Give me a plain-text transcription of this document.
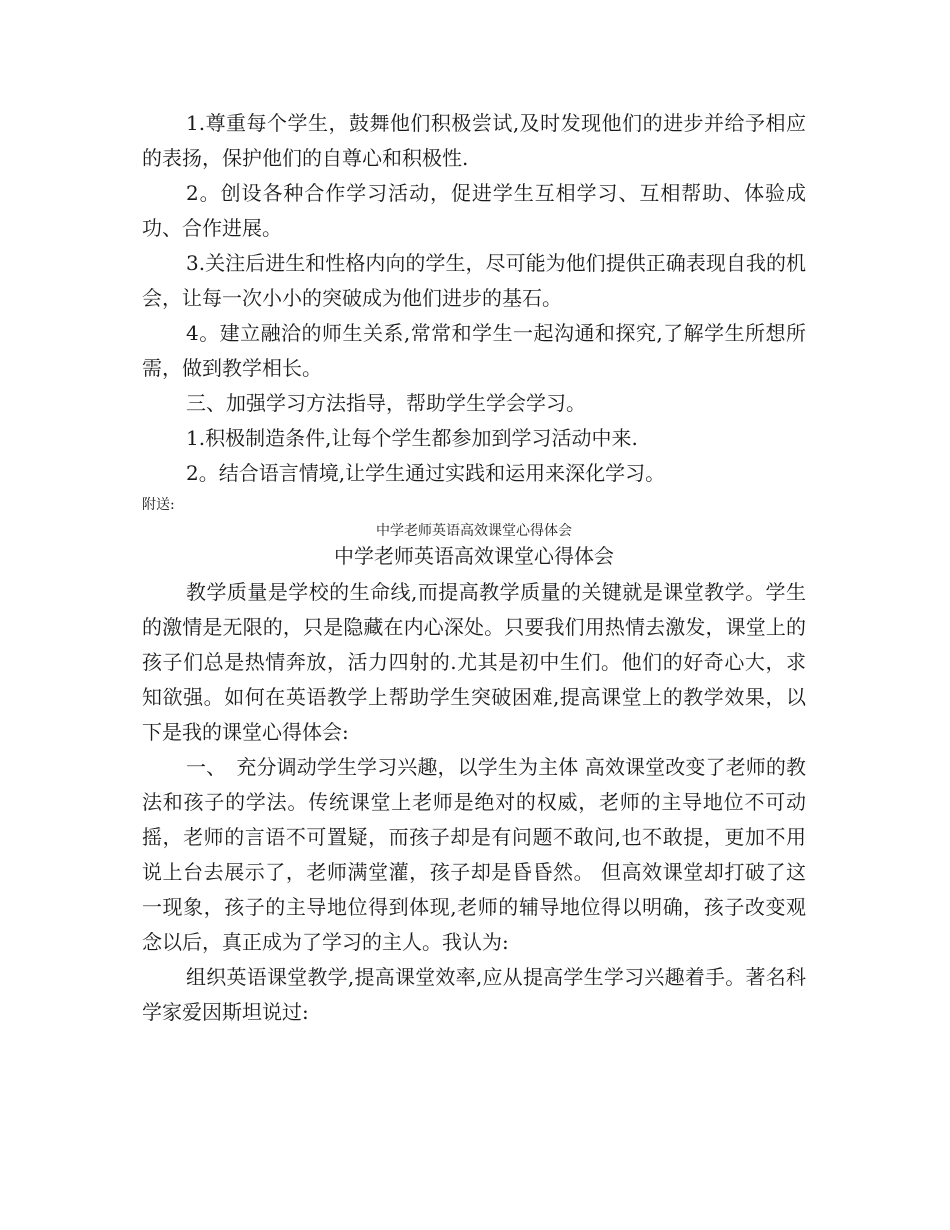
1.尊重每个学生，鼓舞他们积极尝试,及时发现他们的进步并给予相应的表扬，保护他们的自尊心和积极性.

2。创设各种合作学习活动，促进学生互相学习、互相帮助、体验成功、合作进展。

3.关注后进生和性格内向的学生，尽可能为他们提供正确表现自我的机会，让每一次小小的突破成为他们进步的基石。

4。建立融洽的师生关系,常常和学生一起沟通和探究,了解学生所想所需，做到教学相长。

三、加强学习方法指导，帮助学生学会学习。

1.积极制造条件,让每个学生都参加到学习活动中来.

2。结合语言情境,让学生通过实践和运用来深化学习。

附送:

中学老师英语高效课堂心得体会

中学老师英语高效课堂心得体会

教学质量是学校的生命线,而提高教学质量的关键就是课堂教学。学生的激情是无限的，只是隐藏在内心深处。只要我们用热情去激发，课堂上的孩子们总是热情奔放，活力四射的.尤其是初中生们。他们的好奇心大，求知欲强。如何在英语教学上帮助学生突破困难,提高课堂上的教学效果，以下是我的课堂心得体会:

一、　充分调动学生学习兴趣，以学生为主体 高效课堂改变了老师的教法和孩子的学法。传统课堂上老师是绝对的权威，老师的主导地位不可动摇，老师的言语不可置疑，而孩子却是有问题不敢问,也不敢提，更加不用说上台去展示了，老师满堂灌，孩子却是昏昏然。 但高效课堂却打破了这一现象，孩子的主导地位得到体现,老师的辅导地位得以明确，孩子改变观念以后，真正成为了学习的主人。我认为:

组织英语课堂教学,提高课堂效率,应从提高学生学习兴趣着手。著名科学家爱因斯坦说过:
